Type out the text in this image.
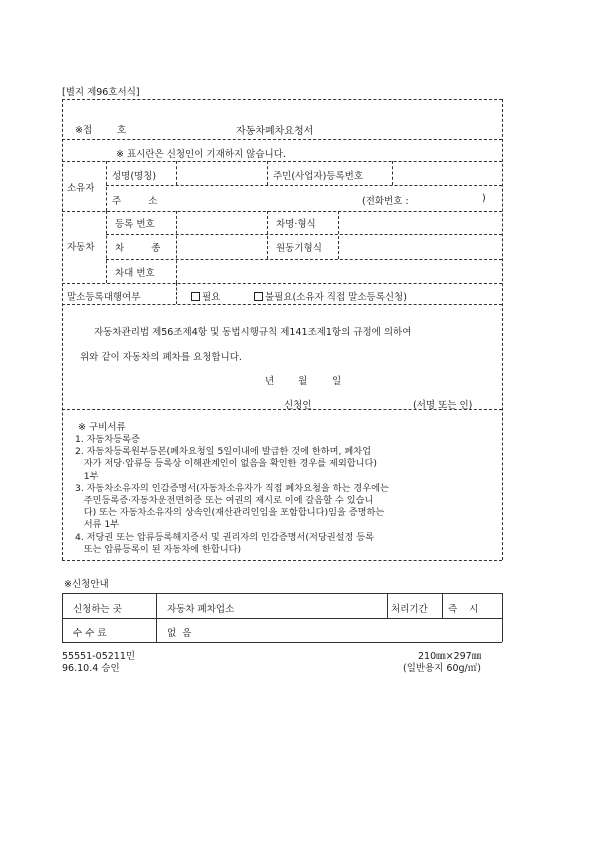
[별지 제96호서식]
※접	호	자동차폐차요청서
※ 표시란은 신청인이 기재하지 않습니다.
소유자
성명(명칭)	주민(사업자)등록번호
주    소	(전화번호 :	)
자동차
등록 번호	차명·형식
차    종	원동기형식
차대 번호
말소등록대행여부	필요	불필요(소유자 직접 말소등록신청)
자동차관리법 제56조제4항 및 동법시행규칙 제141조제1항의 규정에 의하여
위와 같이 자동차의 폐차를 요청합니다.
년	월	일
신청인	(서명 또는 인)
※ 구비서류
1. 자동차등록증
2. 자동차등록원부등본(폐차요청일 5일이내에 발급한 것에 한하며, 폐차업
자가 저당·압류등 등록상 이해관계인이 없음을 확인한 경우를 제외합니다)
1부
3. 자동차소유자의 인감증명서(자동차소유자가 직접 폐차요청을 하는 경우에는
주민등록증·자동차운전면허증 또는 여권의 제시로 이에 갈음할 수 있습니
다) 또는 자동차소유자의 상속인(재산관리인임을 포함합니다)임을 증명하는
서류 1부
4. 저당권 또는 압류등록해지증서 및 권리자의 인감증명서(저당권설정 등록
또는 압류등록이 된 자동차에 한합니다)
※신청안내
신청하는 곳	자동차 폐차업소	처리기간 즉    시
수 수 료	없  음
55551-05211민
96.10.4 승인
210㎜×297㎜
(일반용지 60g/㎡)
